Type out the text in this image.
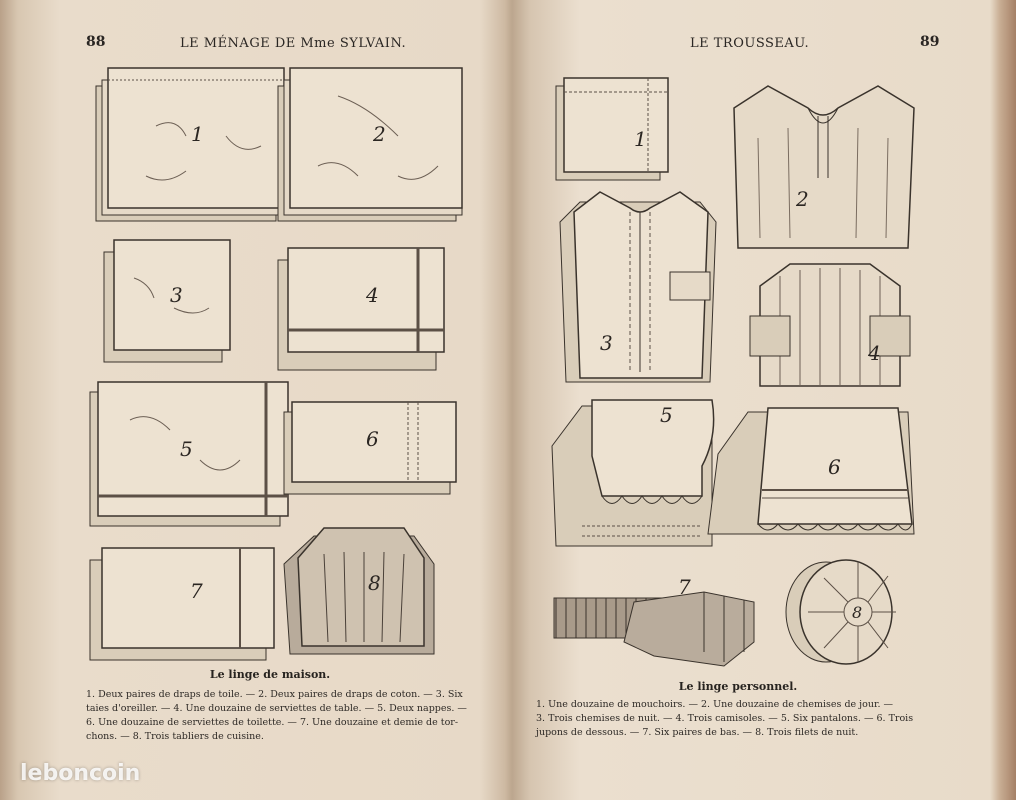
88	LE MÉNAGE DE Mme SYLVAIN.
1	2
3	4
5	6
7	8
Le linge de maison.

1. Deux paires de draps de toile. — 2. Deux paires de draps de coton. — 3. Six

taies d'oreiller. — 4. Une douzaine de serviettes de table. — 5. Deux nappes. —

6. Une douzaine de serviettes de toilette. — 7. Une douzaine et demie de tor-

chons. — 8. Trois tabliers de cuisine.

LE TROUSSEAU.	89
1
2
3	4
5
6
7
8
Le linge personnel.

1. Une douzaine de mouchoirs. — 2. Une douzaine de chemises de jour. —

3. Trois chemises de nuit. — 4. Trois camisoles. — 5. Six pantalons. — 6. Trois

jupons de dessous. — 7. Six paires de bas. — 8. Trois filets de nuit.

leboncoin
